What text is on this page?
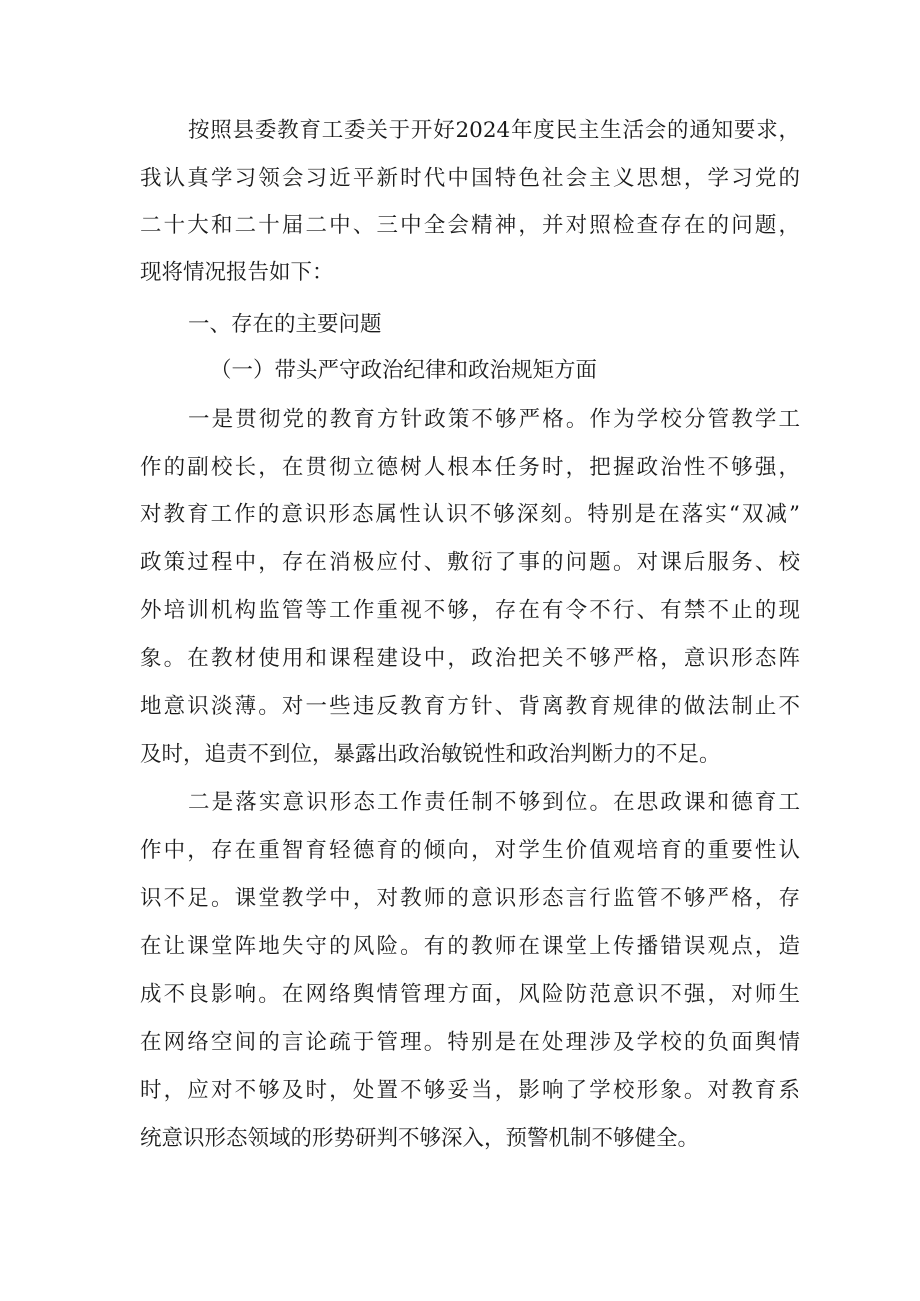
按照县委教育工委关于开好2024年度民主生活会的通知要求，
我认真学习领会习近平新时代中国特色社会主义思想，学习党的
二十大和二十届二中、三中全会精神，并对照检查存在的问题，
现将情况报告如下：
一、存在的主要问题
（一）带头严守政治纪律和政治规矩方面
一是贯彻党的教育方针政策不够严格。作为学校分管教学工
作的副校长，在贯彻立德树人根本任务时，把握政治性不够强，
对教育工作的意识形态属性认识不够深刻。特别是在落实“双减”
政策过程中，存在消极应付、敷衍了事的问题。对课后服务、校
外培训机构监管等工作重视不够，存在有令不行、有禁不止的现
象。在教材使用和课程建设中，政治把关不够严格，意识形态阵
地意识淡薄。对一些违反教育方针、背离教育规律的做法制止不
及时，追责不到位，暴露出政治敏锐性和政治判断力的不足。
二是落实意识形态工作责任制不够到位。在思政课和德育工
作中，存在重智育轻德育的倾向，对学生价值观培育的重要性认
识不足。课堂教学中，对教师的意识形态言行监管不够严格，存
在让课堂阵地失守的风险。有的教师在课堂上传播错误观点，造
成不良影响。在网络舆情管理方面，风险防范意识不强，对师生
在网络空间的言论疏于管理。特别是在处理涉及学校的负面舆情
时，应对不够及时，处置不够妥当，影响了学校形象。对教育系
统意识形态领域的形势研判不够深入，预警机制不够健全。
